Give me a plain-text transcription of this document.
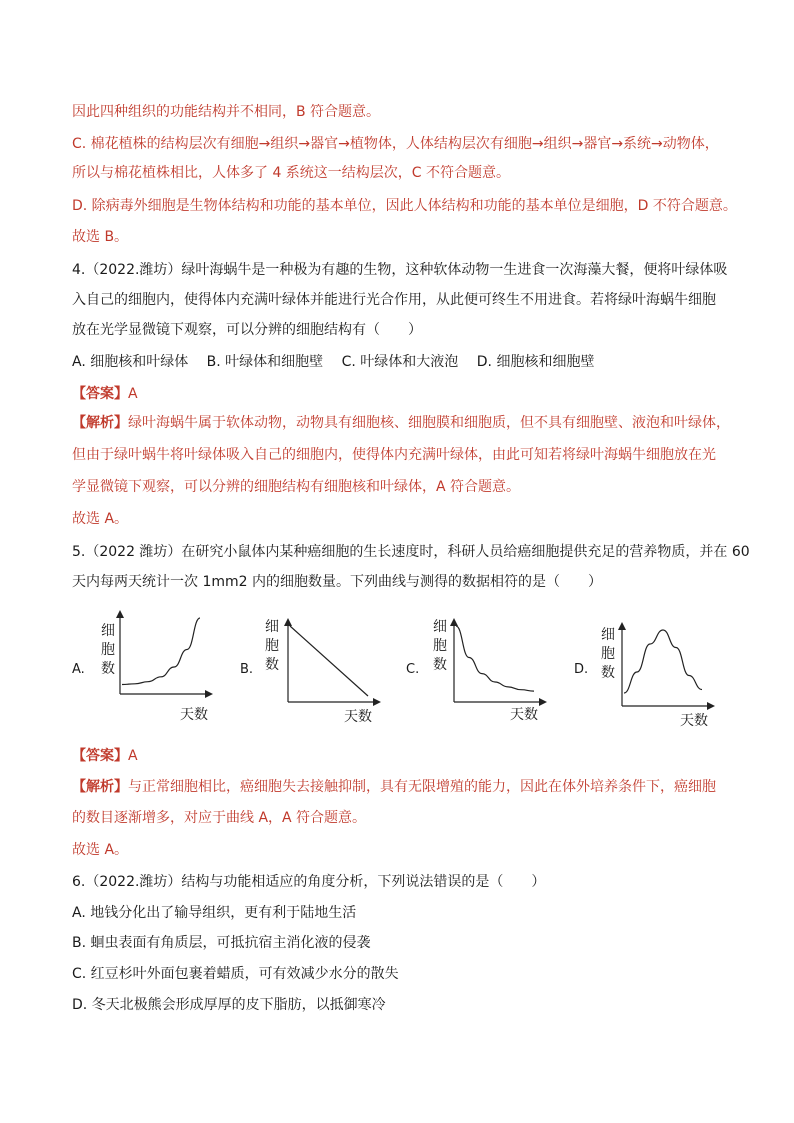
因此四种组织的功能结构并不相同，B 符合题意。
C. 棉花植株的结构层次有细胞→组织→器官→植物体，人体结构层次有细胞→组织→器官→系统→动物体，
所以与棉花植株相比，人体多了 4 系统这一结构层次，C 不符合题意。
D. 除病毒外细胞是生物体结构和功能的基本单位，因此人体结构和功能的基本单位是细胞，D 不符合题意。
故选 B。
4.（2022.潍坊）绿叶海蜗牛是一种极为有趣的生物，这种软体动物一生进食一次海藻大餐，便将叶绿体吸
入自己的细胞内，使得体内充满叶绿体并能进行光合作用，从此便可终生不用进食。若将绿叶海蜗牛细胞
放在光学显微镜下观察，可以分辨的细胞结构有（　　）
A. 细胞核和叶绿体　 B. 叶绿体和细胞壁　 C. 叶绿体和大液泡　 D. 细胞核和细胞壁
【答案】A
【解析】绿叶海蜗牛属于软体动物，动物具有细胞核、细胞膜和细胞质，但不具有细胞壁、液泡和叶绿体，
但由于绿叶蜗牛将叶绿体吸入自己的细胞内，使得体内充满叶绿体，由此可知若将绿叶海蜗牛细胞放在光
学显微镜下观察，可以分辨的细胞结构有细胞核和叶绿体，A 符合题意。
故选 A。
5.（2022 潍坊）在研究小鼠体内某种癌细胞的生长速度时，科研人员给癌细胞提供充足的营养物质，并在 60
天内每两天统计一次 1mm2 内的细胞数量。下列曲线与测得的数据相符的是（　　）
A.
细
胞
数
天数
B.
细
胞
数
天数
C.
细
胞
数
天数
D.
细
胞
数
天数
【答案】A
【解析】与正常细胞相比，癌细胞失去接触抑制，具有无限增殖的能力，因此在体外培养条件下，癌细胞
的数目逐渐增多，对应于曲线 A，A 符合题意。
故选 A。
6.（2022.潍坊）结构与功能相适应的角度分析，下列说法错误的是（　　）
A. 地钱分化出了输导组织，更有利于陆地生活
B. 蛔虫表面有角质层，可抵抗宿主消化液的侵袭
C. 红豆杉叶外面包裹着蜡质，可有效减少水分的散失
D. 冬天北极熊会形成厚厚的皮下脂肪，以抵御寒冷
